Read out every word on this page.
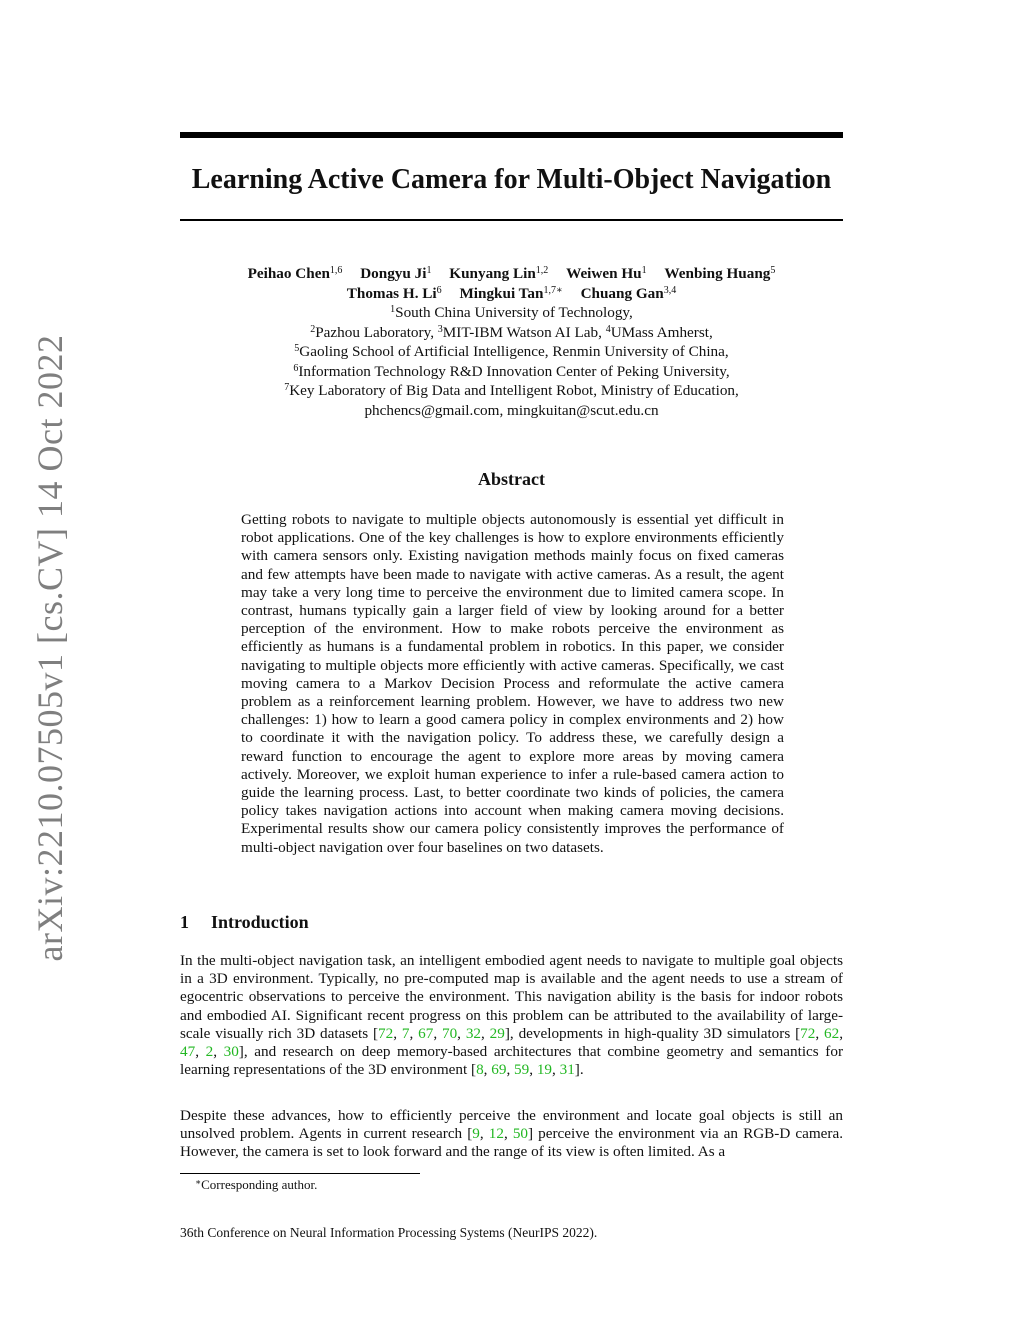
arXiv:2210.07505v1 [cs.CV] 14 Oct 2022
Learning Active Camera for Multi-Object Navigation
Peihao Chen$^{1,6}$ Dongyu Ji$^1$ Kunyang Lin$^{1,2}$ Weiwen Hu$^1$ Wenbing Huang$^5$
Thomas H. Li$^6$ Mingkui Tan$^{1,7∗}$ Chuang Gan$^{3,4}$
$^1$South China University of Technology,
$^2$Pazhou Laboratory, $^3$MIT-IBM Watson AI Lab, $^4$UMass Amherst,
$^5$Gaoling School of Artificial Intelligence, Renmin University of China,
$^6$Information Technology R&D Innovation Center of Peking University,
$^7$Key Laboratory of Big Data and Intelligent Robot, Ministry of Education,
phchencs@gmail.com, mingkuitan@scut.edu.cn
Abstract

Getting robots to navigate to multiple objects autonomously is essential yet difficult in robot applications. One of the key challenges is how to explore environments efficiently with camera sensors only. Existing navigation methods mainly focus on fixed cameras and few attempts have been made to navigate with active cameras. As a result, the agent may take a very long time to perceive the environment due to limited camera scope. In contrast, humans typically gain a larger field of view by looking around for a better perception of the environment. How to make robots perceive the environment as efficiently as humans is a fundamental problem in robotics. In this paper, we consider navigating to multiple objects more efficiently with active cameras. Specifically, we cast moving camera to a Markov Decision Process and reformulate the active camera problem as a reinforcement learning problem. However, we have to address two new challenges: 1) how to learn a good camera policy in complex environments and 2) how to coordinate it with the navigation policy. To address these, we carefully design a reward function to encourage the agent to explore more areas by moving camera actively. Moreover, we exploit human experience to infer a rule-based camera action to guide the learning process. Last, to better coordinate two kinds of policies, the camera policy takes navigation actions into account when making camera moving decisions. Experimental results show our camera policy consistently improves the performance of multi-object navigation over four baselines on two datasets.

1 Introduction

In the multi-object navigation task, an intelligent embodied agent needs to navigate to multiple goal objects in a 3D environment. Typically, no pre-computed map is available and the agent needs to use a stream of egocentric observations to perceive the environment. This navigation ability is the basis for indoor robots and embodied AI. Significant recent progress on this problem can be attributed to the availability of large-scale visually rich 3D datasets [72, 7, 67, 70, 32, 29], developments in high-quality 3D simulators [72, 62, 47, 2, 30], and research on deep memory-based architectures that combine geometry and semantics for learning representations of the 3D environment [8, 69, 59, 19, 31].

Despite these advances, how to efficiently perceive the environment and locate goal objects is still an unsolved problem. Agents in current research [9, 12, 50] perceive the environment via an RGB-D camera. However, the camera is set to look forward and the range of its view is often limited. As a

∗Corresponding author.

36th Conference on Neural Information Processing Systems (NeurIPS 2022).
